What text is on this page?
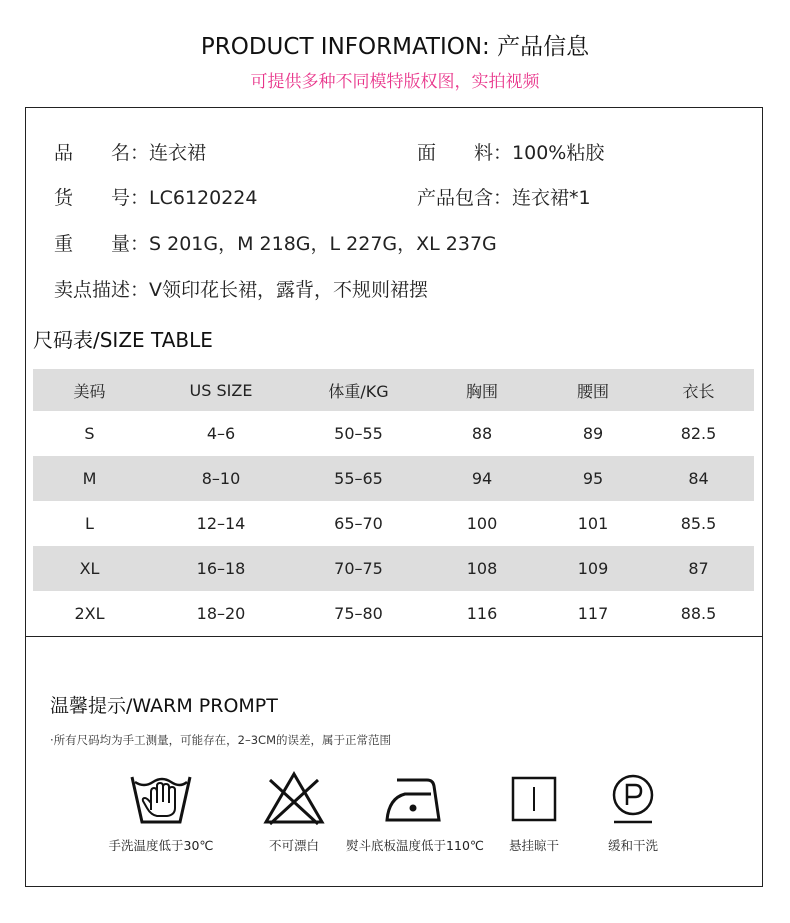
PRODUCT INFORMATION: 产品信息
可提供多种不同模特版权图，实拍视频
品　　名：连衣裙	面　　料：100%粘胶
货　　号：LC6120224	产品包含：连衣裙*1
重　　量：S 201G，M 218G，L 227G，XL 237G
卖点描述：V领印花长裙，露背，不规则裙摆
尺码表/SIZE TABLE
美码	US SIZE	体重/KG	胸围	腰围	衣长
S	4–6	50–55	88	89	82.5
M	8–10	55–65	94	95	84
L	12–14	65–70	100	101	85.5
XL	16–18	70–75	108	109	87
2XL	18–20	75–80	116	117	88.5
温馨提示/WARM PROMPT
·所有尺码均为手工测量，可能存在，2–3CM的误差，属于正常范围
手洗温度低于30℃	不可漂白	熨斗底板温度低于110℃	悬挂晾干	缓和干洗
